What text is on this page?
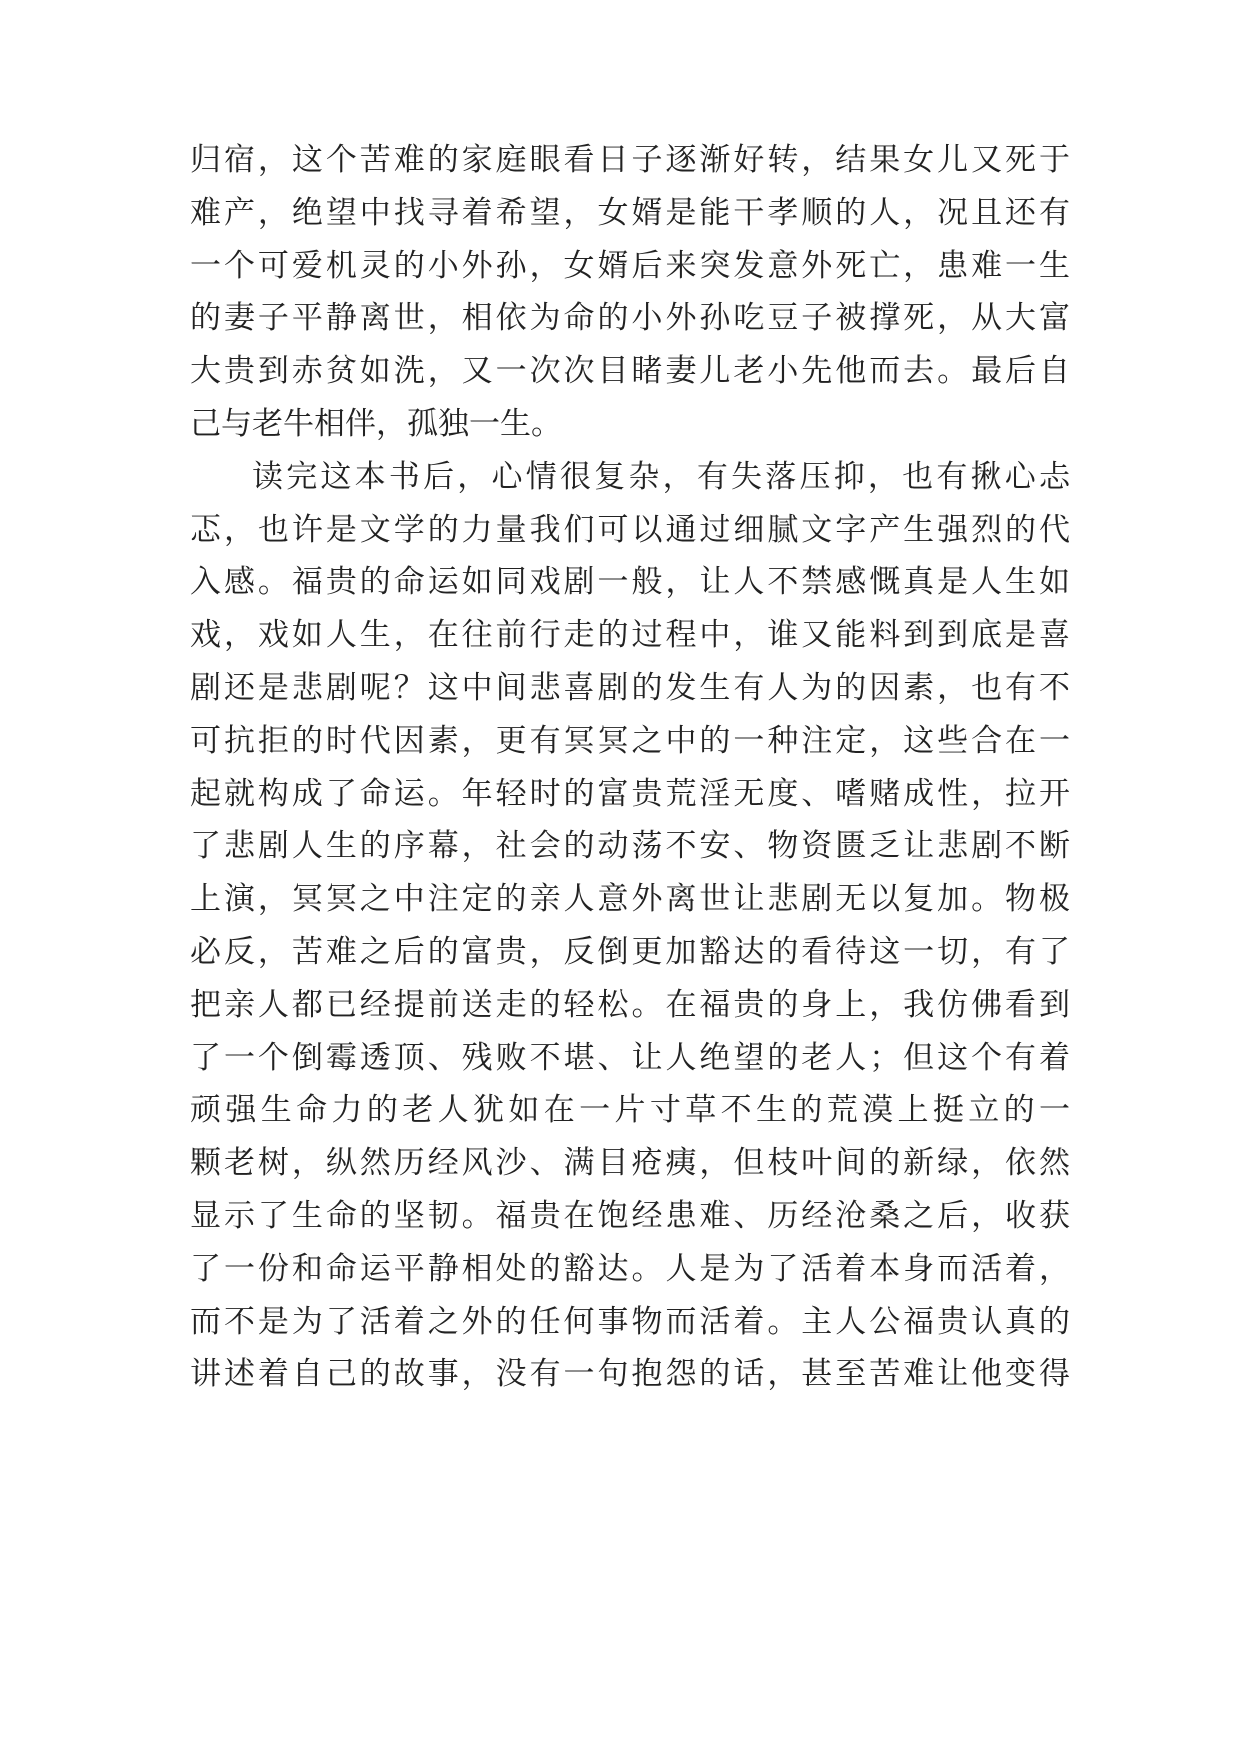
归宿，这个苦难的家庭眼看日子逐渐好转，结果女儿又死于
难产，绝望中找寻着希望，女婿是能干孝顺的人，况且还有
一个可爱机灵的小外孙，女婿后来突发意外死亡，患难一生
的妻子平静离世，相依为命的小外孙吃豆子被撑死，从大富
大贵到赤贫如洗，又一次次目睹妻儿老小先他而去。最后自
己与老牛相伴，孤独一生。
读完这本书后，心情很复杂，有失落压抑，也有揪心忐
忑，也许是文学的力量我们可以通过细腻文字产生强烈的代
入感。福贵的命运如同戏剧一般，让人不禁感慨真是人生如
戏，戏如人生，在往前行走的过程中，谁又能料到到底是喜
剧还是悲剧呢？这中间悲喜剧的发生有人为的因素，也有不
可抗拒的时代因素，更有冥冥之中的一种注定，这些合在一
起就构成了命运。年轻时的富贵荒淫无度、嗜赌成性，拉开
了悲剧人生的序幕，社会的动荡不安、物资匮乏让悲剧不断
上演，冥冥之中注定的亲人意外离世让悲剧无以复加。物极
必反，苦难之后的富贵，反倒更加豁达的看待这一切，有了
把亲人都已经提前送走的轻松。在福贵的身上，我仿佛看到
了一个倒霉透顶、残败不堪、让人绝望的老人；但这个有着
顽强生命力的老人犹如在一片寸草不生的荒漠上挺立的一
颗老树，纵然历经风沙、满目疮痍，但枝叶间的新绿，依然
显示了生命的坚韧。福贵在饱经患难、历经沧桑之后，收获
了一份和命运平静相处的豁达。人是为了活着本身而活着，
而不是为了活着之外的任何事物而活着。主人公福贵认真的
讲述着自己的故事，没有一句抱怨的话，甚至苦难让他变得
